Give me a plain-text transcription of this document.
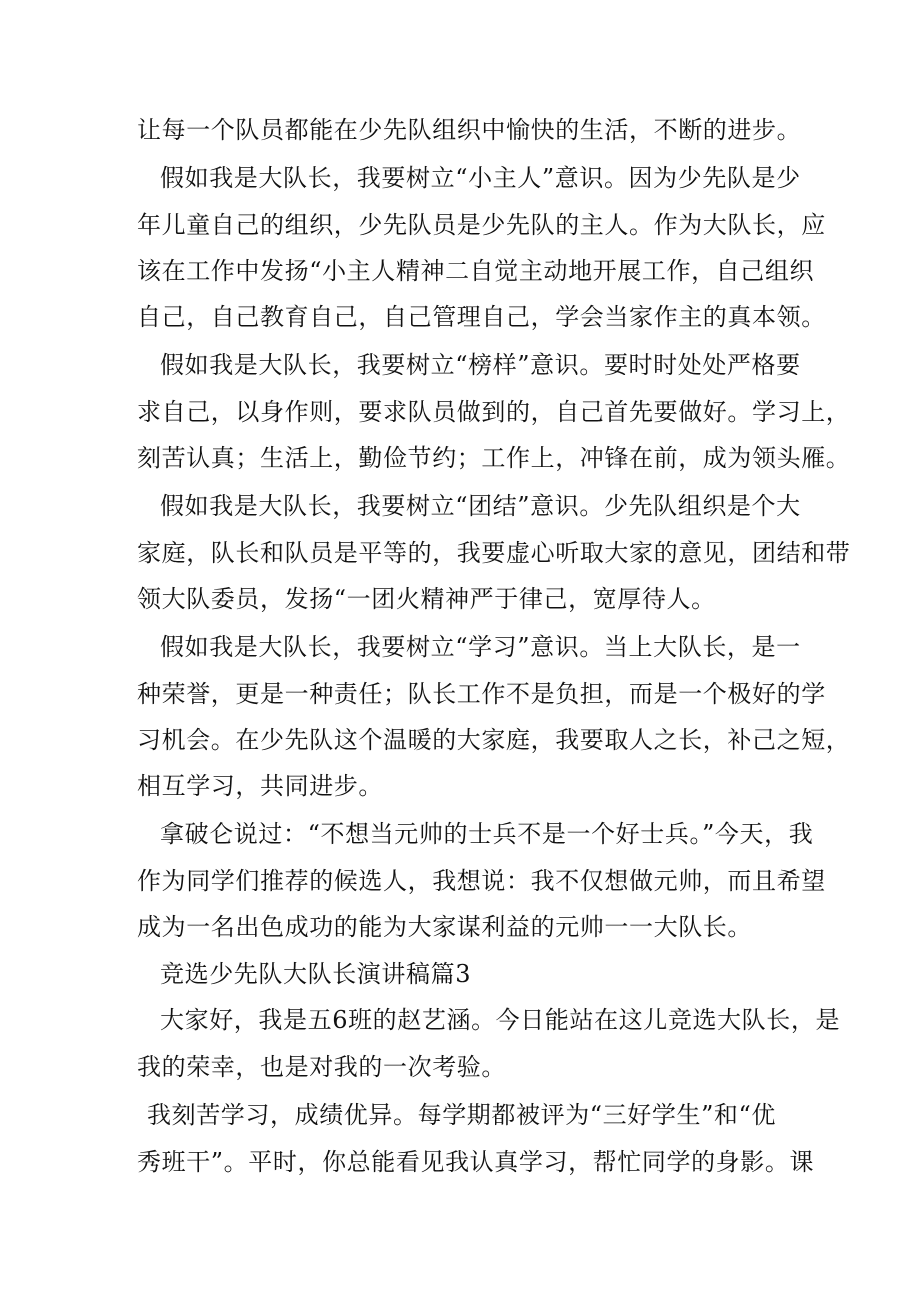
让每一个队员都能在少先队组织中愉快的生活，不断的进步。
假如我是大队长，我要树立“小主人”意识。因为少先队是少
年儿童自己的组织，少先队员是少先队的主人。作为大队长，应
该在工作中发扬“小主人精神二自觉主动地开展工作，自己组织
自己，自己教育自己，自己管理自己，学会当家作主的真本领。
假如我是大队长，我要树立“榜样”意识。要时时处处严格要
求自己，以身作则，要求队员做到的，自己首先要做好。学习上，
刻苦认真；生活上，勤俭节约；工作上，冲锋在前，成为领头雁。
假如我是大队长，我要树立“团结”意识。少先队组织是个大
家庭，队长和队员是平等的，我要虚心听取大家的意见，团结和带
领大队委员，发扬“一团火精神严于律己，宽厚待人。
假如我是大队长，我要树立“学习”意识。当上大队长，是一
种荣誉，更是一种责任；队长工作不是负担，而是一个极好的学
习机会。在少先队这个温暖的大家庭，我要取人之长，补己之短，
相互学习，共同进步。
拿破仑说过：“不想当元帅的士兵不是一个好士兵。”今天，我
作为同学们推荐的候选人，我想说：我不仅想做元帅，而且希望
成为一名出色成功的能为大家谋利益的元帅一一大队长。
竞选少先队大队长演讲稿篇3
大家好，我是五6班的赵艺涵。今日能站在这儿竞选大队长，是
我的荣幸，也是对我的一次考验。
我刻苦学习，成绩优异。每学期都被评为“三好学生”和“优
秀班干”。平时，你总能看见我认真学习，帮忙同学的身影。课
